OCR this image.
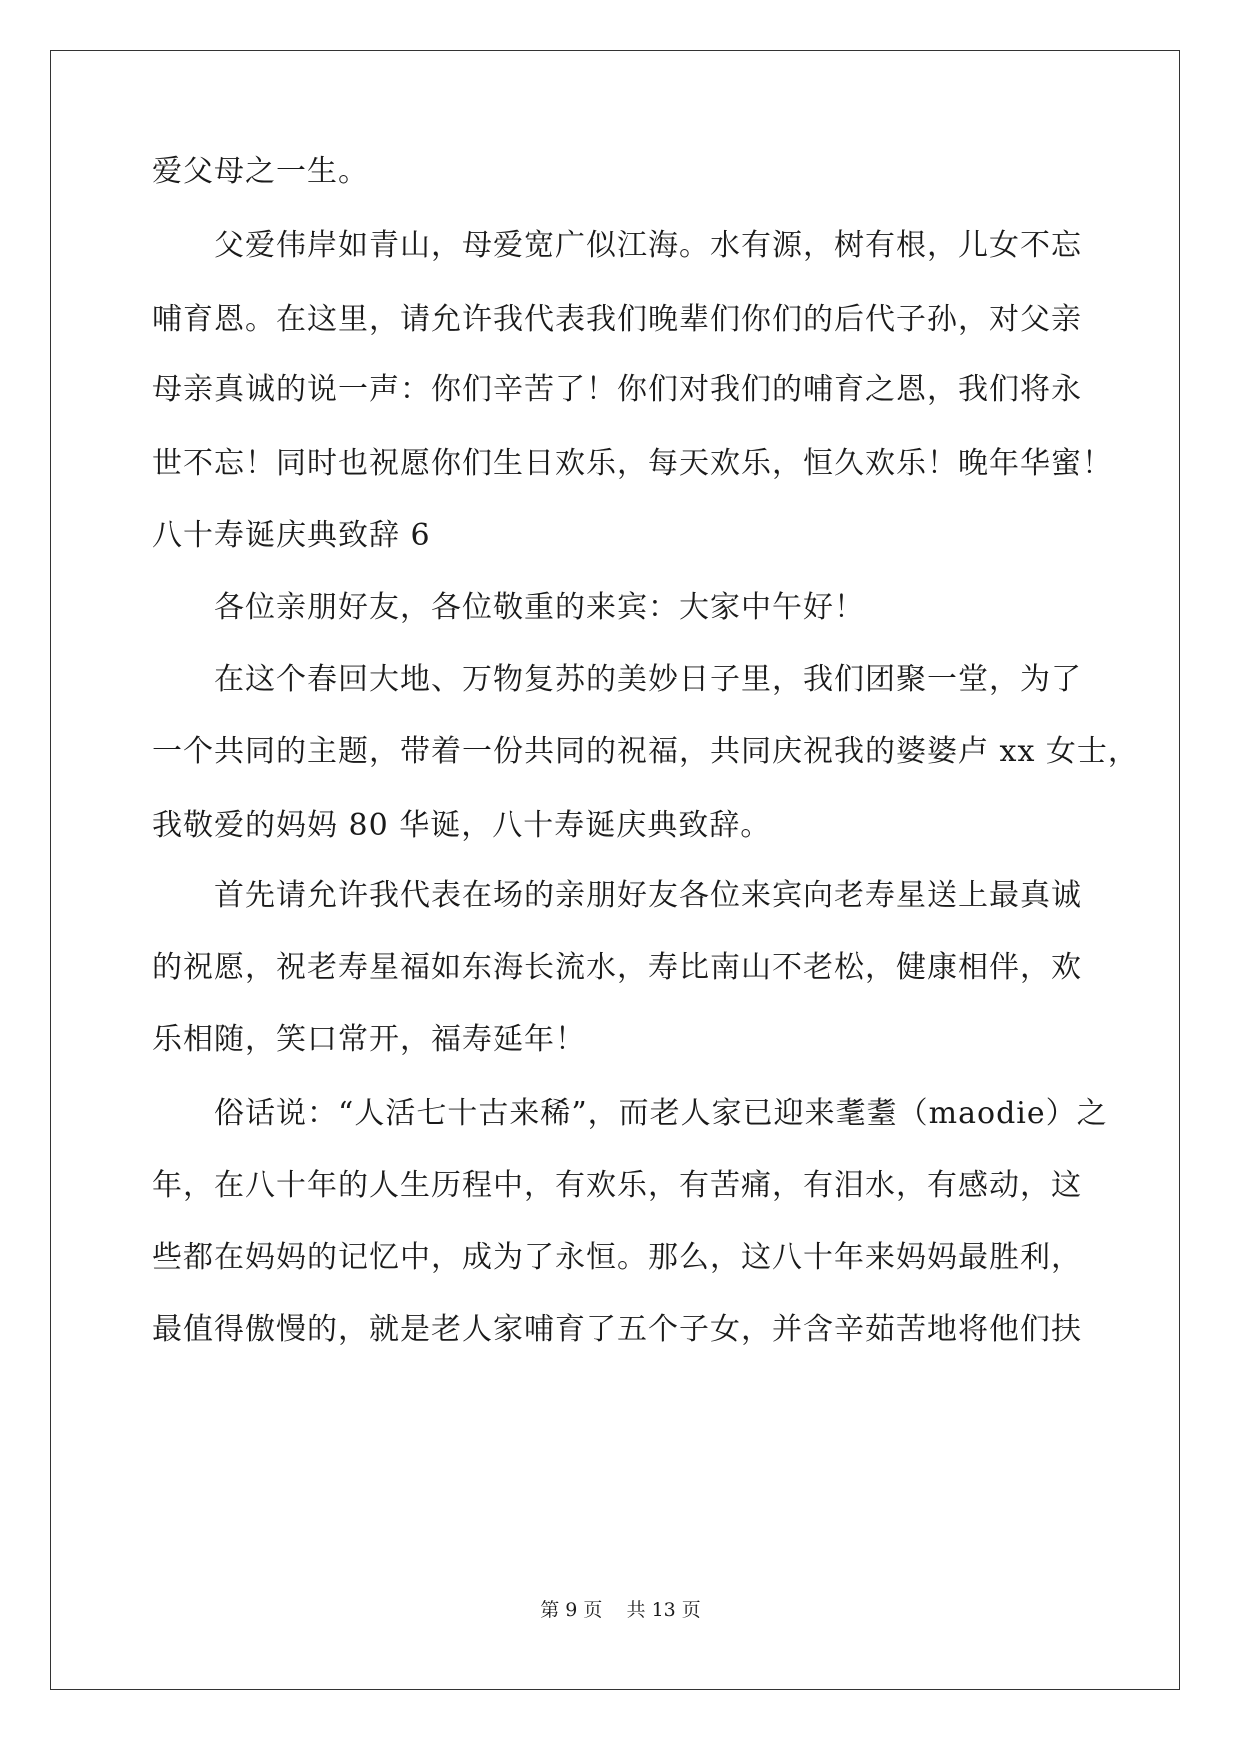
爱父母之一生。
父爱伟岸如青山，母爱宽广似江海。水有源，树有根，儿女不忘
哺育恩。在这里，请允许我代表我们晚辈们你们的后代子孙，对父亲
母亲真诚的说一声：你们辛苦了！你们对我们的哺育之恩，我们将永
世不忘！同时也祝愿你们生日欢乐，每天欢乐，恒久欢乐！晚年华蜜！
八十寿诞庆典致辞 6
各位亲朋好友，各位敬重的来宾：大家中午好！
在这个春回大地、万物复苏的美妙日子里，我们团聚一堂，为了
一个共同的主题，带着一份共同的祝福，共同庆祝我的婆婆卢 xx 女士，
我敬爱的妈妈 80 华诞，八十寿诞庆典致辞。
首先请允许我代表在场的亲朋好友各位来宾向老寿星送上最真诚
的祝愿，祝老寿星福如东海长流水，寿比南山不老松，健康相伴，欢
乐相随，笑口常开，福寿延年！
俗话说：“人活七十古来稀”，而老人家已迎来耄耋（maodie）之
年，在八十年的人生历程中，有欢乐，有苦痛，有泪水，有感动，这
些都在妈妈的记忆中，成为了永恒。那么，这八十年来妈妈最胜利，
最值得傲慢的，就是老人家哺育了五个子女，并含辛茹苦地将他们扶
第 9 页 共 13 页
